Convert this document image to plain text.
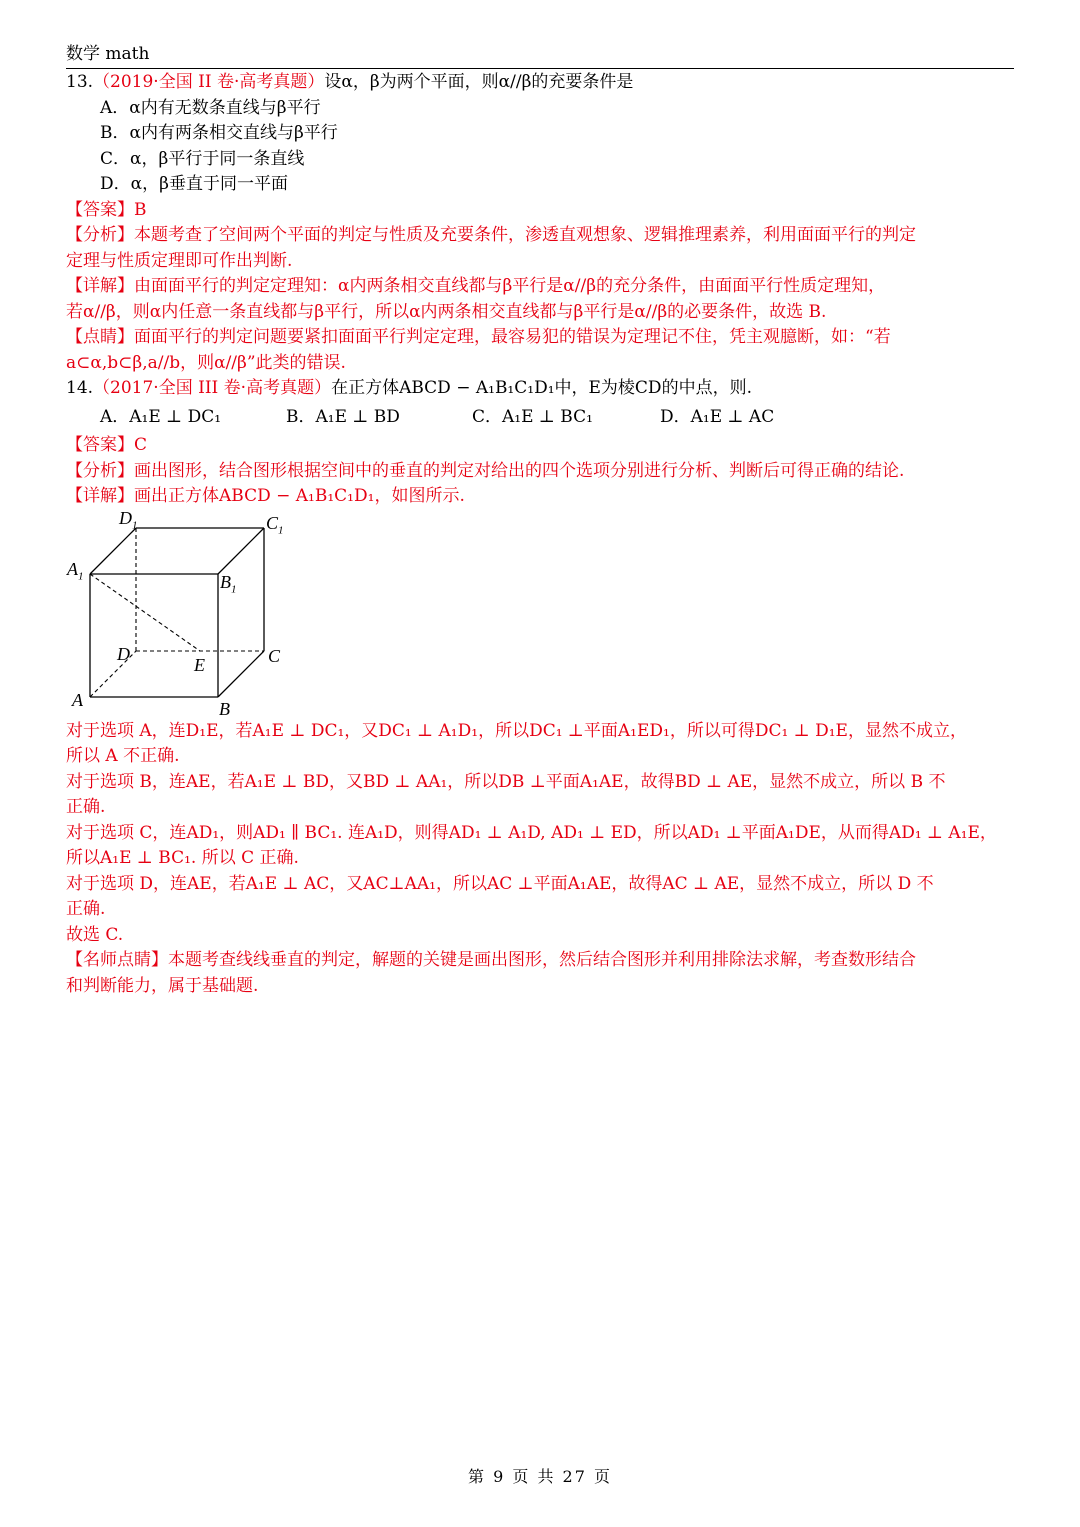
数学 math
13.（2019·全国 II 卷·高考真题）设α，β为两个平面，则α//β的充要条件是
A．α内有无数条直线与β平行
B．α内有两条相交直线与β平行
C．α，β平行于同一条直线
D．α，β垂直于同一平面
【答案】B
【分析】本题考查了空间两个平面的判定与性质及充要条件，渗透直观想象、逻辑推理素养，利用面面平行的判定
定理与性质定理即可作出判断.
【详解】由面面平行的判定定理知：α内两条相交直线都与β平行是α//β的充分条件，由面面平行性质定理知，
若α//β，则α内任意一条直线都与β平行，所以α内两条相交直线都与β平行是α//β的必要条件，故选 B.
【点睛】面面平行的判定问题要紧扣面面平行判定定理，最容易犯的错误为定理记不住，凭主观臆断，如：“若
a⊂α,b⊂β,a//b，则α//β”此类的错误.
14.（2017·全国 III 卷·高考真题）在正方体ABCD − A₁B₁C₁D₁中，E为棱CD的中点，则.
A．A₁E ⊥ DC₁	B．A₁E ⊥ BD	C．A₁E ⊥ BC₁	D．A₁E ⊥ AC
【答案】C
【分析】画出图形，结合图形根据空间中的垂直的判定对给出的四个选项分别进行分析、判断后可得正确的结论.
【详解】画出正方体ABCD − A₁B₁C₁D₁，如图所示.
$D_1$	$C_1$
$A_1$	$B_1$
D
E	C
A	B
对于选项 A，连D₁E，若A₁E ⊥ DC₁，又DC₁ ⊥ A₁D₁，所以DC₁ ⊥平面A₁ED₁，所以可得DC₁ ⊥ D₁E，显然不成立，
所以 A 不正确.
对于选项 B，连AE，若A₁E ⊥ BD，又BD ⊥ AA₁，所以DB ⊥平面A₁AE，故得BD ⊥ AE，显然不成立，所以 B 不
正确.
对于选项 C，连AD₁，则AD₁ ∥ BC₁. 连A₁D，则得AD₁ ⊥ A₁D, AD₁ ⊥ ED，所以AD₁ ⊥平面A₁DE，从而得AD₁ ⊥ A₁E，
所以A₁E ⊥ BC₁. 所以 C 正确.
对于选项 D，连AE，若A₁E ⊥ AC，又AC⊥AA₁，所以AC ⊥平面A₁AE，故得AC ⊥ AE，显然不成立，所以 D 不
正确.
故选 C.
【名师点睛】本题考查线线垂直的判定，解题的关键是画出图形，然后结合图形并利用排除法求解，考查数形结合
和判断能力，属于基础题.
第 9 页 共 27 页
